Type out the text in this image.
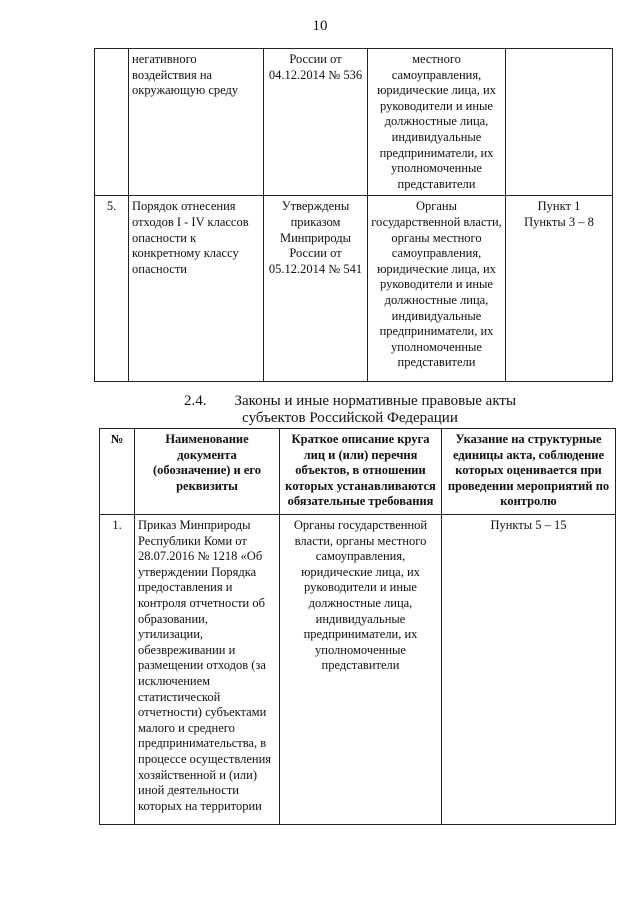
10
	негативного воздействия на окружающую среду	России от 04.12.2014 № 536	местного самоуправления, юридические лица, их руководители и иные должностные лица, индивидуальные предприниматели, их уполномоченные представители	
5.	Порядок отнесения отходов I - IV классов опасности к конкретному классу опасности	Утверждены приказом Минприроды России от 05.12.2014 № 541	Органы государственной власти, органы местного самоуправления, юридические лица, их руководители и иные должностные лица, индивидуальные предприниматели, их уполномоченные представители	Пункт 1
Пункты 3 – 8
2.4. Законы и иные нормативные правовые акты
субъектов Российской Федерации
№	Наименование документа (обозначение) и его реквизиты	Краткое описание круга лиц и (или) перечня объектов, в отношении которых устанавливаются обязательные требования	Указание на структурные единицы акта, соблюдение которых оценивается при проведении мероприятий по контролю
1.	Приказ Минприроды Республики Коми от 28.07.2016 № 1218 «Об утверждении Порядка предоставления и контроля отчетности об образовании, утилизации, обезвреживании и размещении отходов (за исключением статистической отчетности) субъектами малого и среднего предпринимательства, в процессе осуществления хозяйственной и (или) иной деятельности которых на территории	Органы государственной власти, органы местного самоуправления, юридические лица, их руководители и иные должностные лица, индивидуальные предприниматели, их уполномоченные представители	Пункты 5 – 15
